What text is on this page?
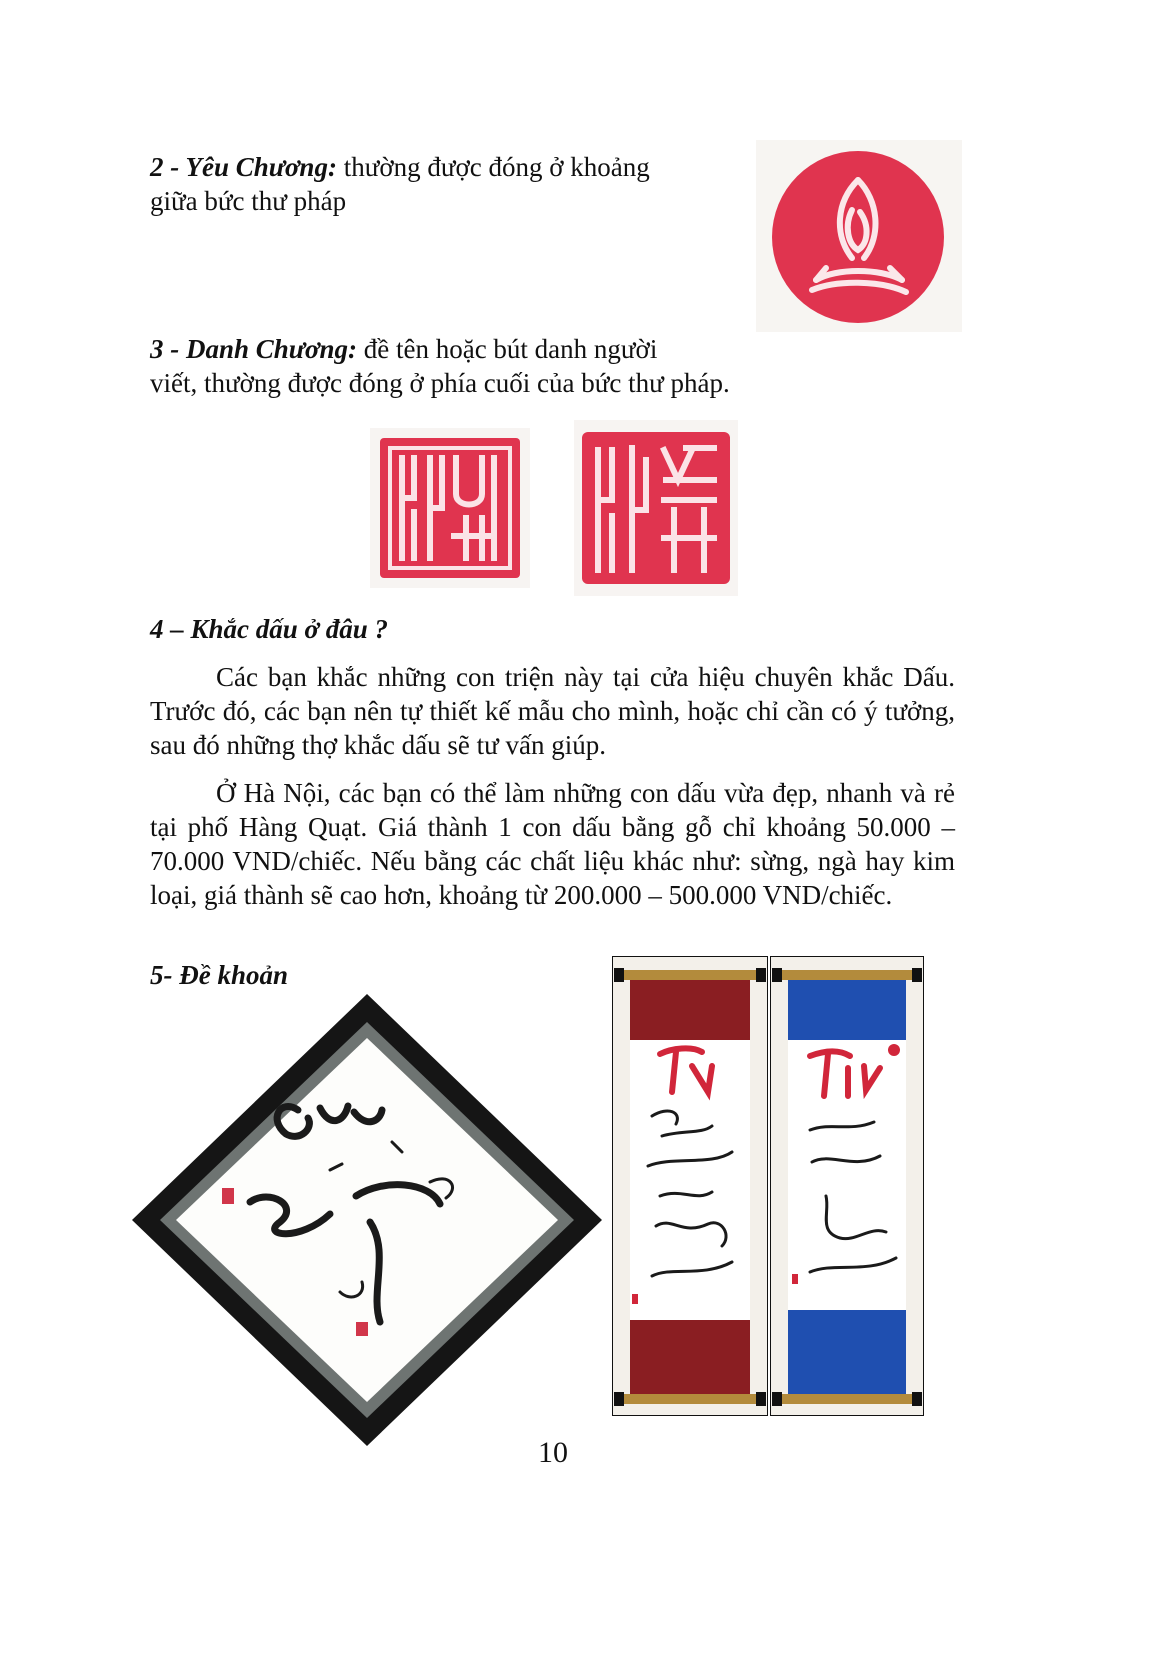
2 - Yêu Chương: thường được đóng ở khoảng
giữa bức thư pháp
3 - Danh Chương: đề tên hoặc bút danh người
viết, thường được đóng ở phía cuối của bức thư pháp.
4 – Khắc dấu ở đâu ?
Các bạn khắc những con triện này tại cửa hiệu chuyên khắc Dấu. Trước đó, các bạn nên tự thiết kế mẫu cho mình, hoặc chỉ cần có ý tưởng, sau đó những thợ khắc dấu sẽ tư vấn giúp.
Ở Hà Nội, các bạn có thể làm những con dấu vừa đẹp, nhanh và rẻ tại phố Hàng Quạt. Giá thành 1 con dấu bằng gỗ chỉ khoảng 50.000 – 70.000 VND/chiếc. Nếu bằng các chất liệu khác như: sừng, ngà hay kim loại, giá thành sẽ cao hơn, khoảng từ 200.000 – 500.000 VND/chiếc.
5- Đề khoản
10
